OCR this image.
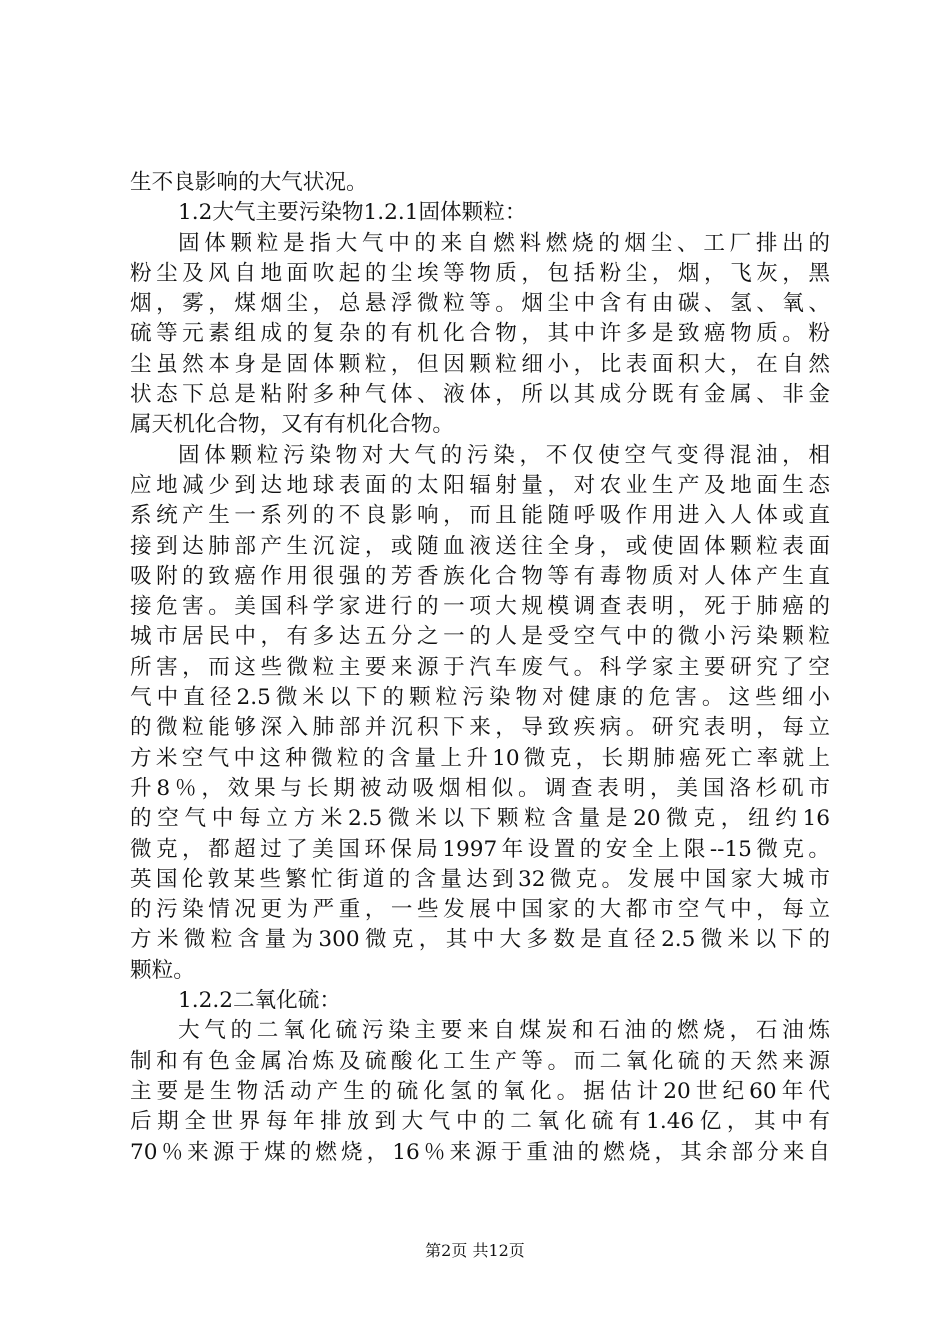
生不良影响的大气状况。
1.2大气主要污染物1.2.1固体颗粒：
固体颗粒是指大气中的来自燃料燃烧的烟尘、工厂排出的
粉尘及风自地面吹起的尘埃等物质，包括粉尘，烟，飞灰，黑
烟，雾，煤烟尘，总悬浮微粒等。烟尘中含有由碳、氢、氧、
硫等元素组成的复杂的有机化合物，其中许多是致癌物质。粉
尘虽然本身是固体颗粒，但因颗粒细小，比表面积大，在自然
状态下总是粘附多种气体、液体，所以其成分既有金属、非金
属天机化合物，又有有机化合物。
固体颗粒污染物对大气的污染，不仅使空气变得混油，相
应地减少到达地球表面的太阳辐射量，对农业生产及地面生态
系统产生一系列的不良影响，而且能随呼吸作用进入人体或直
接到达肺部产生沉淀，或随血液送往全身，或使固体颗粒表面
吸附的致癌作用很强的芳香族化合物等有毒物质对人体产生直
接危害。美国科学家进行的一项大规模调查表明，死于肺癌的
城市居民中，有多达五分之一的人是受空气中的微小污染颗粒
所害，而这些微粒主要来源于汽车废气。科学家主要研究了空
气中直径2.5微米以下的颗粒污染物对健康的危害。这些细小
的微粒能够深入肺部并沉积下来，导致疾病。研究表明，每立
方米空气中这种微粒的含量上升10微克，长期肺癌死亡率就上
升8％，效果与长期被动吸烟相似。调查表明，美国洛杉矶市
的空气中每立方米2.5微米以下颗粒含量是20微克，纽约16
微克，都超过了美国环保局1997年设置的安全上限--15微克。
英国伦敦某些繁忙街道的含量达到32微克。发展中国家大城市
的污染情况更为严重，一些发展中国家的大都市空气中，每立
方米微粒含量为300微克，其中大多数是直径2.5微米以下的
颗粒。
1.2.2二氧化硫：
大气的二氧化硫污染主要来自煤炭和石油的燃烧，石油炼
制和有色金属冶炼及硫酸化工生产等。而二氧化硫的天然来源
主要是生物活动产生的硫化氢的氧化。据估计20世纪60年代
后期全世界每年排放到大气中的二氧化硫有1.46亿，其中有
70％来源于煤的燃烧，16％来源于重油的燃烧，其余部分来自
第2页 共12页
